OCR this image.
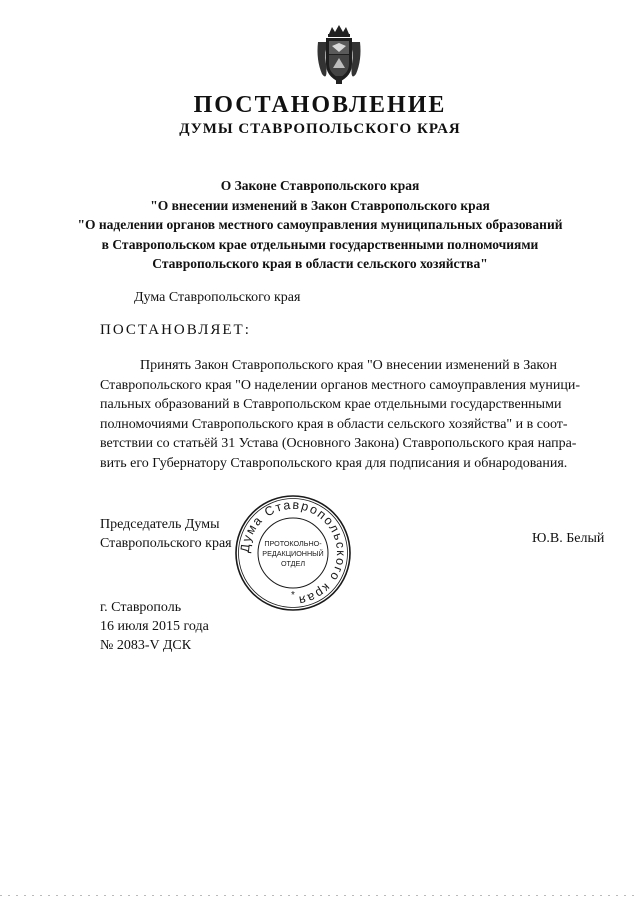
ПОСТАНОВЛЕНИЕ
ДУМЫ СТАВРОПОЛЬСКОГО КРАЯ
О Законе Ставропольского края
"О внесении изменений в Закон Ставропольского края
"О наделении органов местного самоуправления муниципальных образований
в Ставропольском крае отдельными государственными полномочиями
Ставропольского края в области сельского хозяйства"
Дума Ставропольского края
ПОСТАНОВЛЯЕТ:
Принять Закон Ставропольского края "О внесении изменений в Закон
Ставропольского края "О наделении органов местного самоуправления муници-
пальных образований в Ставропольском крае отдельными государственными
полномочиями Ставропольского края в области сельского хозяйства" и в соот-
ветствии со статьёй 31 Устава (Основного Закона) Ставропольского края напра-
вить его Губернатору Ставропольского края для подписания и обнародования.
Председатель Думы
Ставропольского края	Ю.В. Белый
Дума Ставропольского края
*
ПРОТОКОЛЬНО-
РЕДАКЦИОННЫЙ
ОТДЕЛ
г. Ставрополь
16 июля 2015 года
№ 2083-V ДСК
